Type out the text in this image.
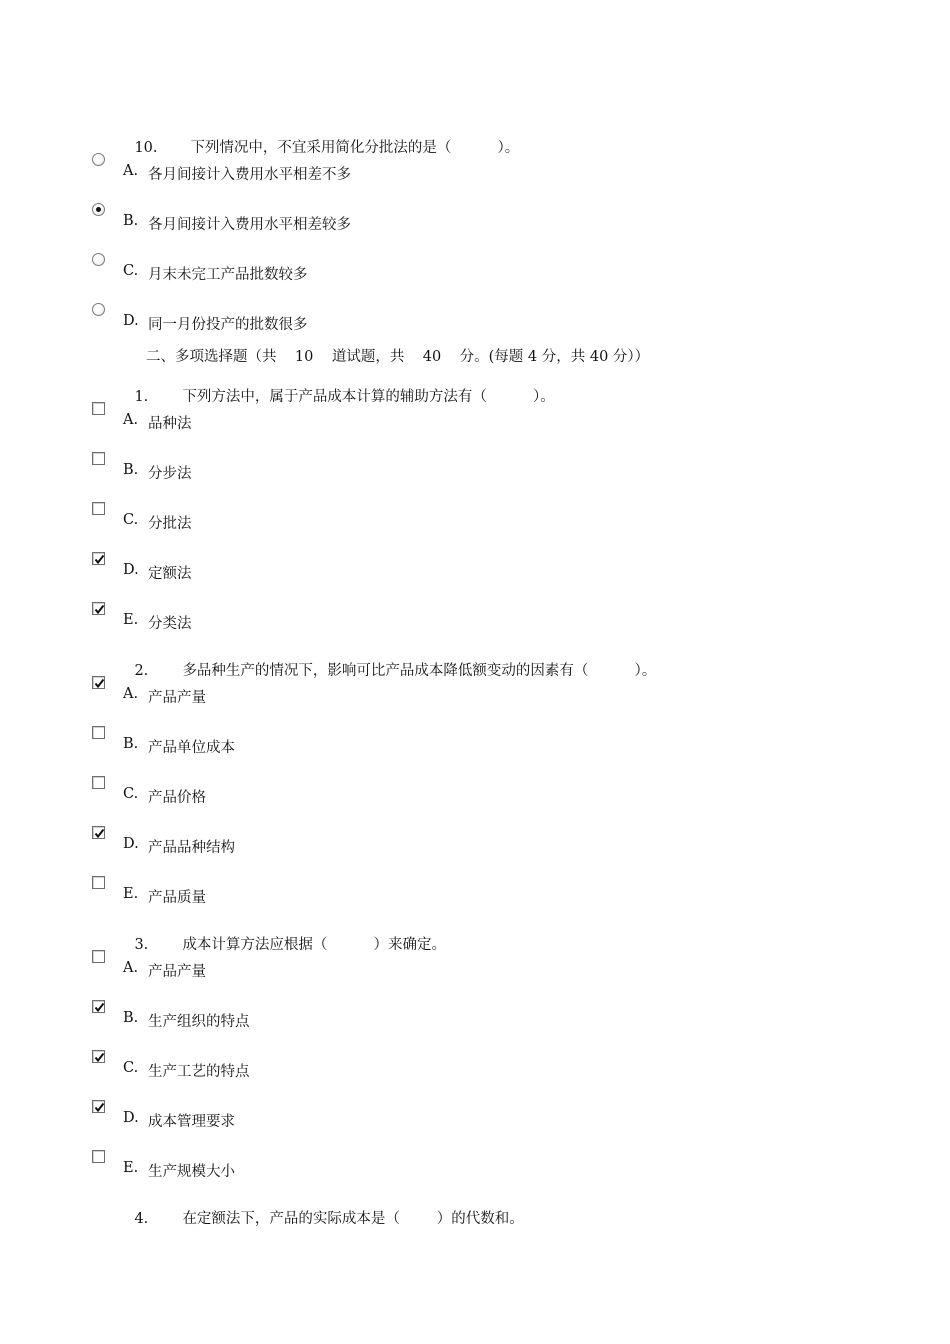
10. 下列情况中，不宜采用简化分批法的是（          ）。

A. 各月间接计入费用水平相差不多
B. 各月间接计入费用水平相差较多
C. 月末未完工产品批数较多
D. 同一月份投产的批数很多
二、多项选择题（共    10    道试题，共    40    分。(每题 4 分，共 40 分））

1. 下列方法中，属于产品成本计算的辅助方法有（          ）。

A. 品种法
B. 分步法
C. 分批法
D. 定额法
E. 分类法

2. 多品种生产的情况下，影响可比产品成本降低额变动的因素有（          ）。

A. 产品产量
B. 产品单位成本
C. 产品价格
D. 产品品种结构
E. 产品质量

3. 成本计算方法应根据（          ）来确定。

A. 产品产量
B. 生产组织的特点
C. 生产工艺的特点
D. 成本管理要求
E. 生产规模大小

4. 在定额法下，产品的实际成本是（        ）的代数和。
